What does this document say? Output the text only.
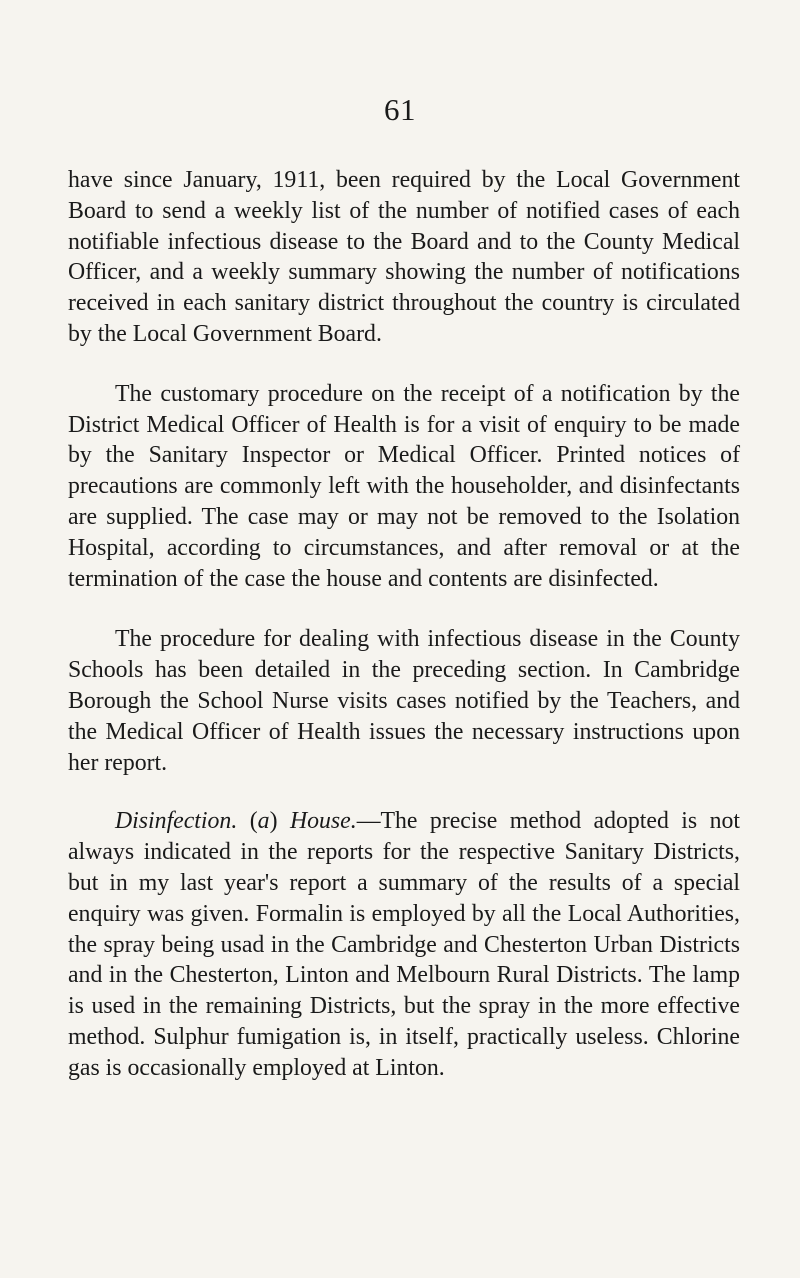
61

have since January, 1911, been required by the Local Government Board to send a weekly list of the number of notified cases of each notifiable infectious disease to the Board and to the County Medical Officer, and a weekly summary showing the number of notifications received in each sanitary district throughout the country is circulated by the Local Government Board.

The customary procedure on the receipt of a notification by the District Medical Officer of Health is for a visit of enquiry to be made by the Sanitary Inspector or Medical Officer. Printed notices of precautions are commonly left with the householder, and disinfectants are supplied. The case may or may not be removed to the Isolation Hospital, according to circumstances, and after removal or at the termination of the case the house and contents are disinfected.

The procedure for dealing with infectious disease in the County Schools has been detailed in the preceding section. In Cambridge Borough the School Nurse visits cases notified by the Teachers, and the Medical Officer of Health issues the necessary instructions upon her report.

Disinfection. (a) House.—The precise method adopted is not always indicated in the reports for the respective Sanitary Districts, but in my last year's report a summary of the results of a special enquiry was given. Formalin is employed by all the Local Authorities, the spray being usad in the Cambridge and Chesterton Urban Districts and in the Chesterton, Linton and Melbourn Rural Districts. The lamp is used in the remaining Districts, but the spray in the more effective method. Sulphur fumigation is, in itself, practically useless. Chlorine gas is occasionally employed at Linton.
